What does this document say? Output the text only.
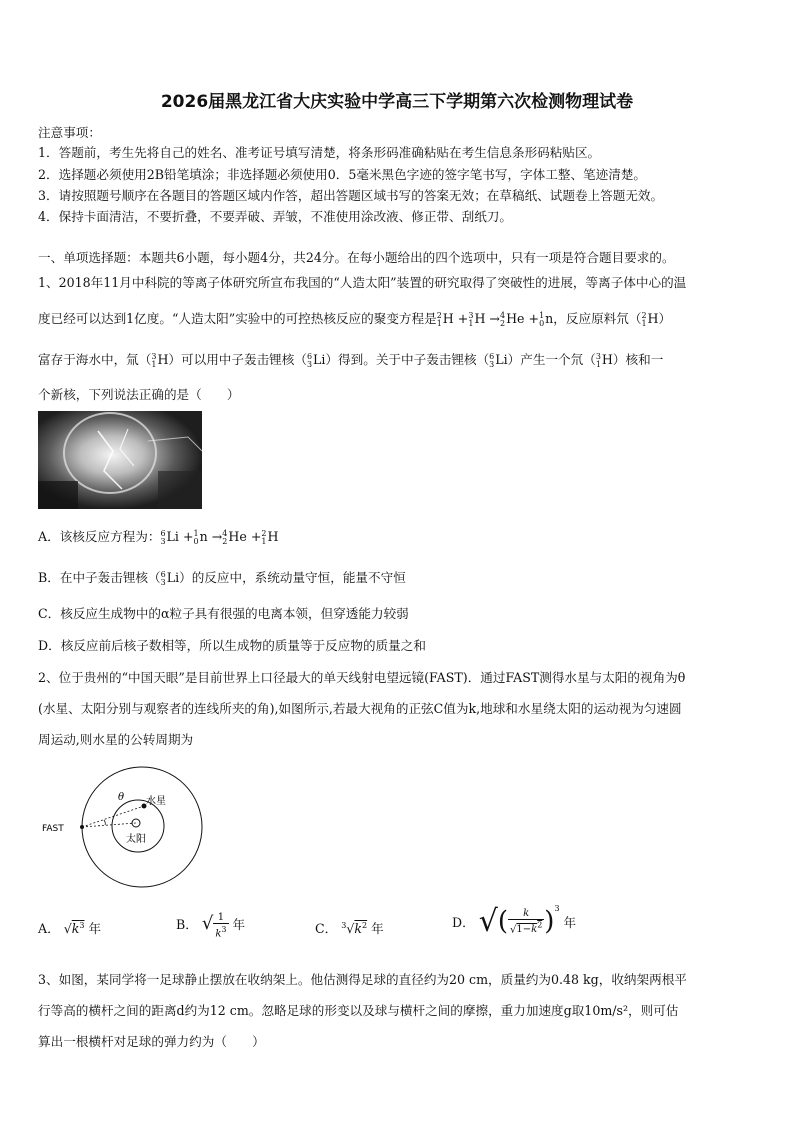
2026届黑龙江省大庆实验中学高三下学期第六次检测物理试卷
注意事项：
1．答题前，考生先将自己的姓名、准考证号填写清楚，将条形码准确粘贴在考生信息条形码粘贴区。
2．选择题必须使用2B铅笔填涂；非选择题必须使用0．5毫米黑色字迹的签字笔书写，字体工整、笔迹清楚。
3．请按照题号顺序在各题目的答题区域内作答，超出答题区域书写的答案无效；在草稿纸、试题卷上答题无效。
4．保持卡面清洁，不要折叠，不要弄破、弄皱，不准使用涂改液、修正带、刮纸刀。
一、单项选择题：本题共6小题，每小题4分，共24分。在每小题给出的四个选项中，只有一项是符合题目要求的。
1、2018年11月中科院的等离子体研究所宣布我国的“人造太阳”装置的研究取得了突破性的进展，等离子体中心的温
度已经可以达到1亿度。“人造太阳”实验中的可控热核反应的聚变方程是 2
1 H + 3
1 H → 4
2 He + 1
0 n，反应原料氘（ 2
1 H）
富存于海水中，氚（ 3
1 H）可以用中子轰击锂核（ 6
3 Li）得到。关于中子轰击锂核（ 6
3 Li）产生一个氘（ 3
1 H）核和一
个新核，下列说法正确的是（　　）
A．该核反应方程为： 6
3 Li + 1
0 n → 4
2 He + 2
1 H
B．在中子轰击锂核（ 6
3 Li）的反应中，系统动量守恒，能量不守恒
C．核反应生成物中的α粒子具有很强的电离本领，但穿透能力较弱
D．核反应前后核子数相等，所以生成物的质量等于反应物的质量之和
2、位于贵州的“中国天眼”是目前世界上口径最大的单天线射电望远镜(FAST)．通过FAST测得水星与太阳的视角为θ
(水星、太阳分别与观察者的连线所夹的角),如图所示,若最大视角的正弦C值为k,地球和水星绕太阳的运动视为匀速圆
周运动,则水星的公转周期为
FAST
θ 水星
太阳
A． $√k^3$ 年	B． √ $\frac{1}{k^3}$ 年	C． $^3√k^2$ 年	D． √( $\frac{k}{√1-k^2} )^3$ 年
3、如图，某同学将一足球静止摆放在收纳架上。他估测得足球的直径约为20 cm，质量约为0.48 kg，收纳架两根平
行等高的横杆之间的距离d约为12 cm。忽略足球的形变以及球与横杆之间的摩擦，重力加速度g取10m/s²，则可估
算出一根横杆对足球的弹力约为（　　）
